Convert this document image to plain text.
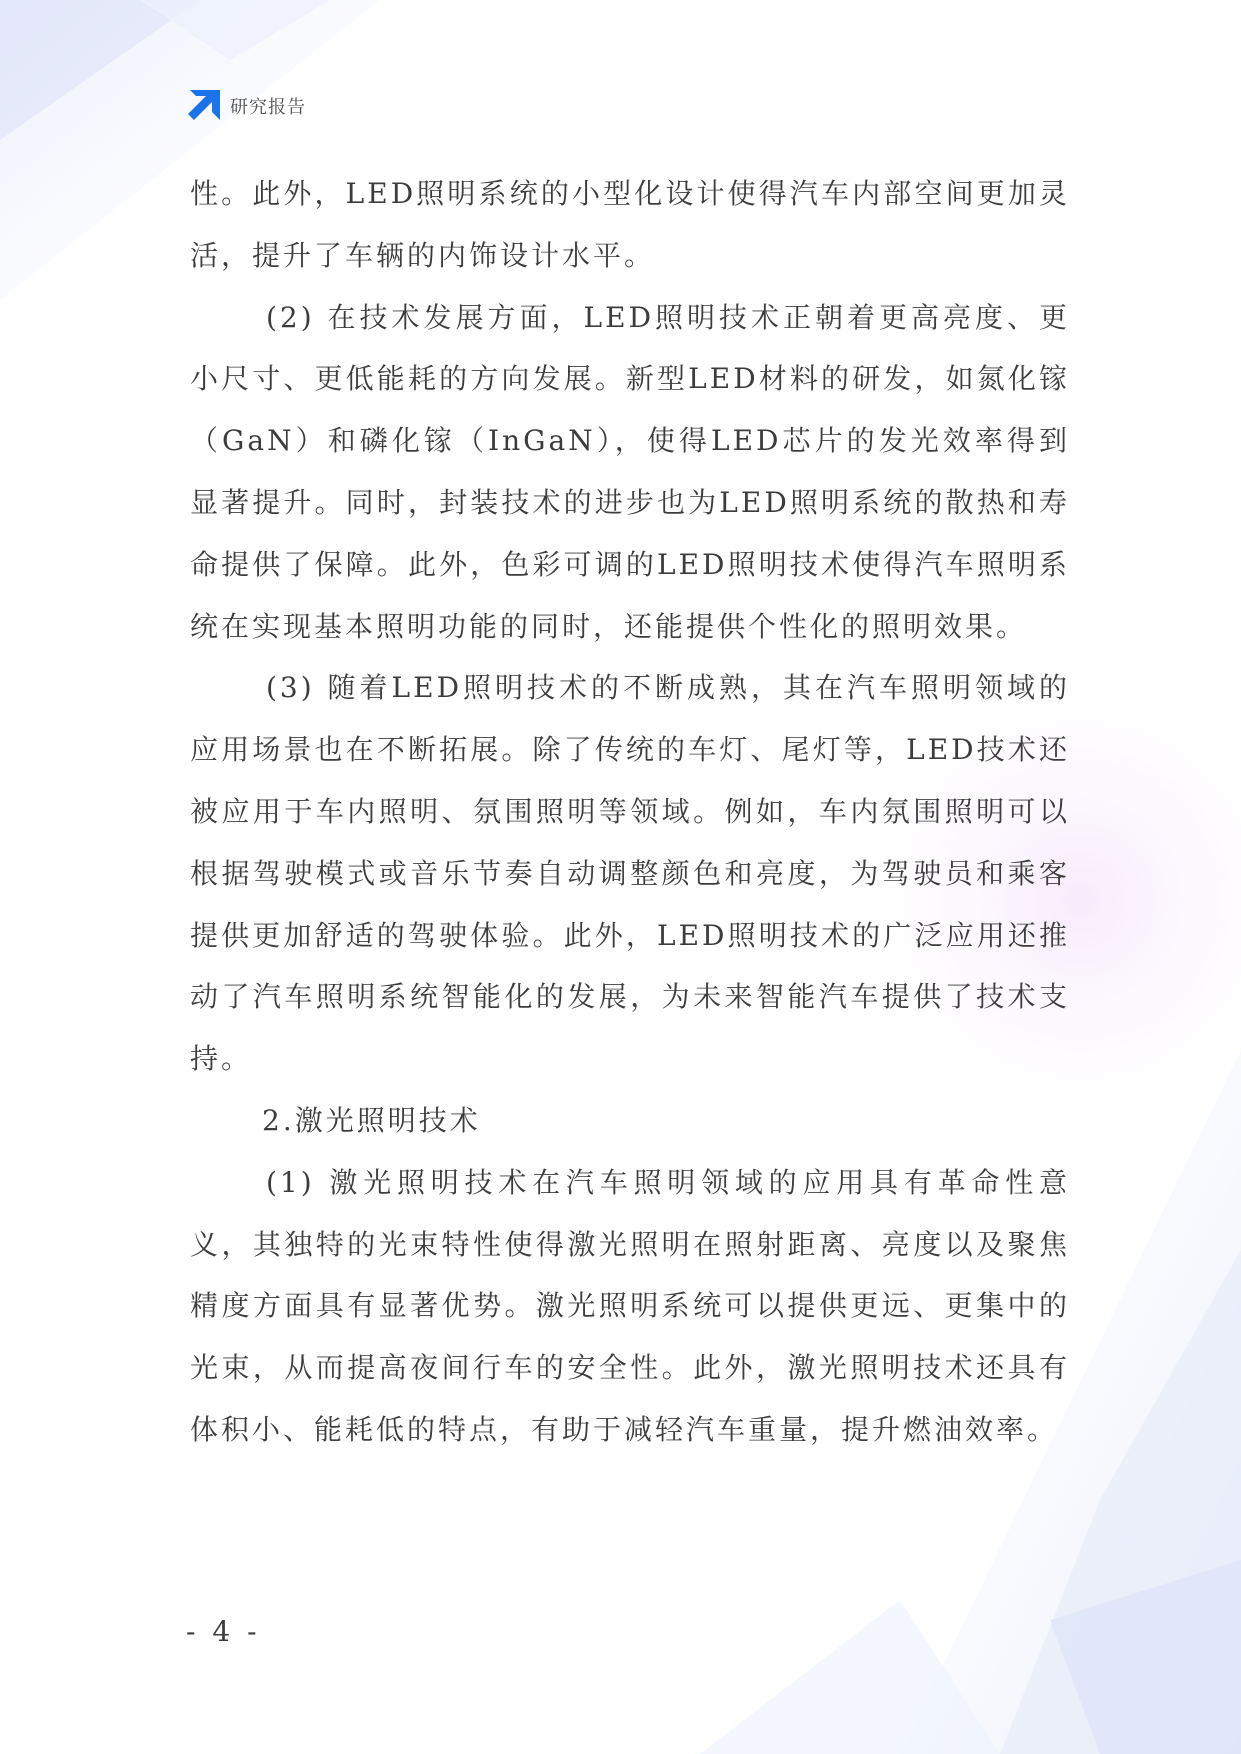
研究报告

性。此外，LED照明系统的小型化设计使得汽车内部空间更加灵活，提升了车辆的内饰设计水平。

(2) 在技术发展方面，LED照明技术正朝着更高亮度、更小尺寸、更低能耗的方向发展。新型LED材料的研发，如氮化镓（GaN）和磷化镓（InGaN），使得LED芯片的发光效率得到显著提升。同时，封装技术的进步也为LED照明系统的散热和寿命提供了保障。此外，色彩可调的LED照明技术使得汽车照明系统在实现基本照明功能的同时，还能提供个性化的照明效果。

(3) 随着LED照明技术的不断成熟，其在汽车照明领域的应用场景也在不断拓展。除了传统的车灯、尾灯等，LED技术还被应用于车内照明、氛围照明等领域。例如，车内氛围照明可以根据驾驶模式或音乐节奏自动调整颜色和亮度，为驾驶员和乘客提供更加舒适的驾驶体验。此外，LED照明技术的广泛应用还推动了汽车照明系统智能化的发展，为未来智能汽车提供了技术支持。

2.激光照明技术

(1) 激光照明技术在汽车照明领域的应用具有革命性意义，其独特的光束特性使得激光照明在照射距离、亮度以及聚焦精度方面具有显著优势。激光照明系统可以提供更远、更集中的光束，从而提高夜间行车的安全性。此外，激光照明技术还具有体积小、能耗低的特点，有助于减轻汽车重量，提升燃油效率。

- 4 -
